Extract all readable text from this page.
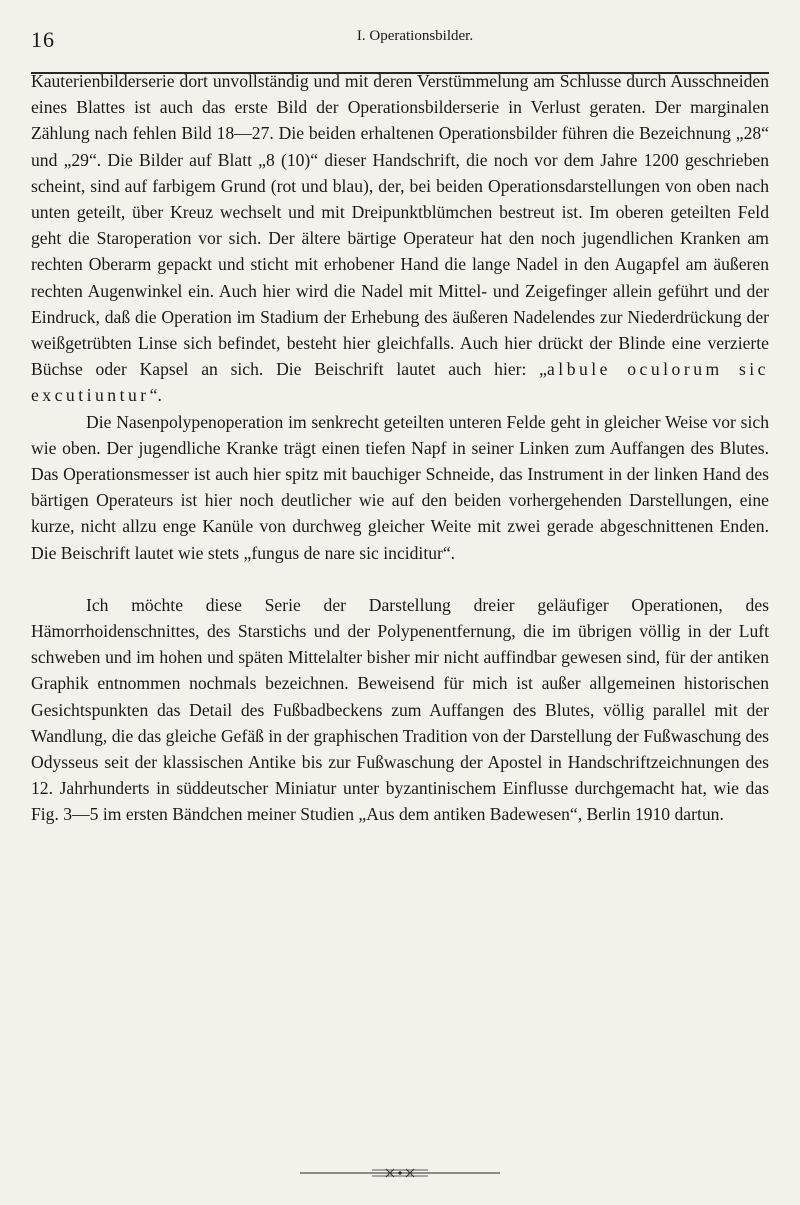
16	I. Operationsbilder.

Kauterienbilderserie dort unvollständig und mit deren Verstümmelung am Schlusse durch Ausschneiden eines Blattes ist auch das erste Bild der Operationsbilderserie in Verlust geraten. Der marginalen Zählung nach fehlen Bild 18—27. Die beiden erhaltenen Operationsbilder führen die Bezeichnung „28“ und „29“. Die Bilder auf Blatt „8 (10)“ dieser Handschrift, die noch vor dem Jahre 1200 geschrieben scheint, sind auf farbigem Grund (rot und blau), der, bei beiden Operationsdarstellungen von oben nach unten geteilt, über Kreuz wechselt und mit Dreipunktblümchen bestreut ist. Im oberen geteilten Feld geht die Staroperation vor sich. Der ältere bärtige Operateur hat den noch jugendlichen Kranken am rechten Oberarm gepackt und sticht mit erhobener Hand die lange Nadel in den Augapfel am äußeren rechten Augenwinkel ein. Auch hier wird die Nadel mit Mittel- und Zeigefinger allein geführt und der Eindruck, daß die Operation im Stadium der Erhebung des äußeren Nadelendes zur Niederdrückung der weißgetrübten Linse sich befindet, besteht hier gleichfalls. Auch hier drückt der Blinde eine verzierte Büchse oder Kapsel an sich. Die Beischrift lautet auch hier: „albule oculorum sic excutiuntur“.

Die Nasenpolypenoperation im senkrecht geteilten unteren Felde geht in gleicher Weise vor sich wie oben. Der jugendliche Kranke trägt einen tiefen Napf in seiner Linken zum Auffangen des Blutes. Das Operationsmesser ist auch hier spitz mit bauchiger Schneide, das Instrument in der linken Hand des bärtigen Operateurs ist hier noch deutlicher wie auf den beiden vorhergehenden Darstellungen, eine kurze, nicht allzu enge Kanüle von durchweg gleicher Weite mit zwei gerade abgeschnittenen Enden. Die Beischrift lautet wie stets „fungus de nare sic inciditur“.

Ich möchte diese Serie der Darstellung dreier geläufiger Operationen, des Hämorrhoidenschnittes, des Starstichs und der Polypenentfernung, die im übrigen völlig in der Luft schweben und im hohen und späten Mittelalter bisher mir nicht auffindbar gewesen sind, für der antiken Graphik entnommen nochmals bezeichnen. Beweisend für mich ist außer allgemeinen historischen Gesichtspunkten das Detail des Fußbadbeckens zum Auffangen des Blutes, völlig parallel mit der Wandlung, die das gleiche Gefäß in der graphischen Tradition von der Darstellung der Fußwaschung des Odysseus seit der klassischen Antike bis zur Fußwaschung der Apostel in Handschriftzeichnungen des 12. Jahrhunderts in süddeutscher Miniatur unter byzantinischem Einflusse durchgemacht hat, wie das Fig. 3—5 im ersten Bändchen meiner Studien „Aus dem antiken Badewesen“, Berlin 1910 dartun.
